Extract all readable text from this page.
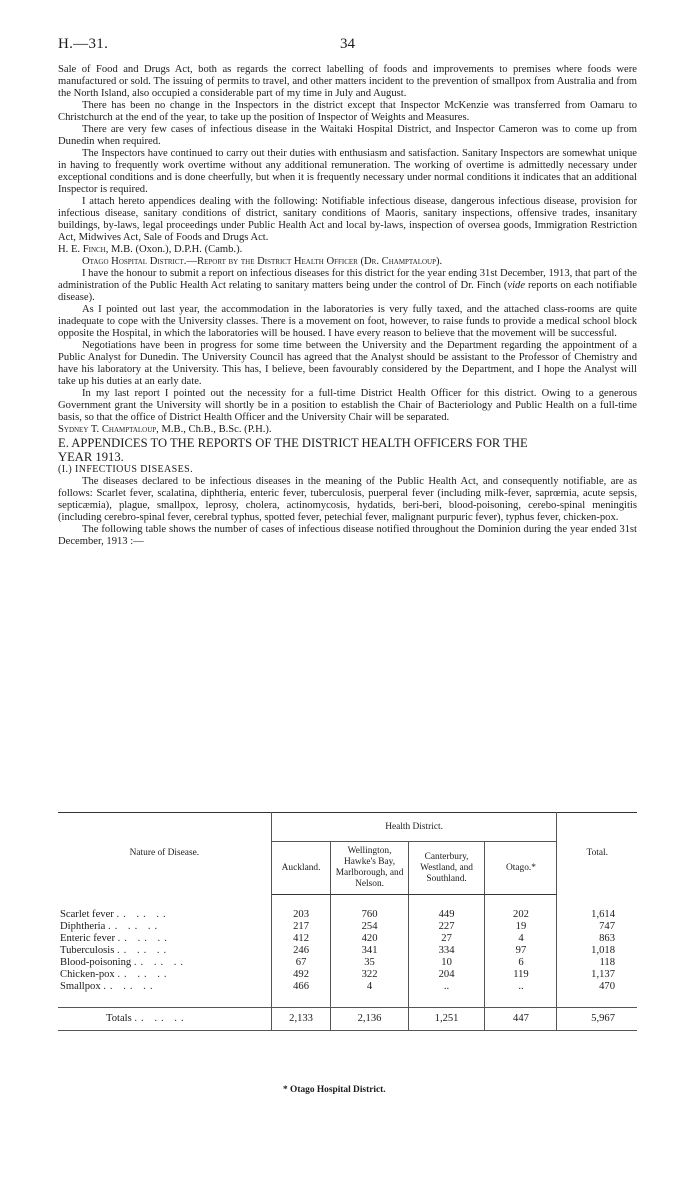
H.—31.	34

Sale of Food and Drugs Act, both as regards the correct labelling of foods and improvements to premises where foods were manufactured or sold. The issuing of permits to travel, and other matters incident to the prevention of smallpox from Australia and from the North Island, also occupied a considerable part of my time in July and August.

There has been no change in the Inspectors in the district except that Inspector McKenzie was transferred from Oamaru to Christchurch at the end of the year, to take up the position of Inspector of Weights and Measures.

There are very few cases of infectious disease in the Waitaki Hospital District, and Inspector Cameron was to come up from Dunedin when required.

The Inspectors have continued to carry out their duties with enthusiasm and satisfaction. Sanitary Inspectors are somewhat unique in having to frequently work overtime without any additional remuneration. The working of overtime is admittedly necessary under exceptional conditions and is done cheerfully, but when it is frequently necessary under normal conditions it indicates that an additional Inspector is required.

I attach hereto appendices dealing with the following: Notifiable infectious disease, dangerous infectious disease, provision for infectious disease, sanitary conditions of district, sanitary conditions of Maoris, sanitary inspections, offensive trades, insanitary buildings, by-laws, legal proceedings under Public Health Act and local by-laws, inspection of oversea goods, Immigration Restriction Act, Midwives Act, Sale of Foods and Drugs Act.

H. E. Finch, M.B. (Oxon.), D.P.H. (Camb.).

Otago Hospital District.—Report by the District Health Officer (Dr. Champtaloup).

I have the honour to submit a report on infectious diseases for this district for the year ending 31st December, 1913, that part of the administration of the Public Health Act relating to sanitary matters being under the control of Dr. Finch (vide reports on each notifiable disease).

As I pointed out last year, the accommodation in the laboratories is very fully taxed, and the attached class-rooms are quite inadequate to cope with the University classes. There is a movement on foot, however, to raise funds to provide a medical school block opposite the Hospital, in which the laboratories will be housed. I have every reason to believe that the movement will be successful.

Negotiations have been in progress for some time between the University and the Department regarding the appointment of a Public Analyst for Dunedin. The University Council has agreed that the Analyst should be assistant to the Professor of Chemistry and have his laboratory at the University. This has, I believe, been favourably considered by the Department, and I hope the Analyst will take up his duties at an early date.

In my last report I pointed out the necessity for a full-time District Health Officer for this district. Owing to a generous Government grant the University will shortly be in a position to establish the Chair of Bacteriology and Public Health on a full-time basis, so that the office of District Health Officer and the University Chair will be separated.

Sydney T. Champtaloup, M.B., Ch.B., B.Sc. (P.H.).

E. APPENDICES TO THE REPORTS OF THE DISTRICT HEALTH OFFICERS FOR THE
YEAR 1913.

(I.) INFECTIOUS DISEASES.

The diseases declared to be infectious diseases in the meaning of the Public Health Act, and consequently notifiable, are as follows: Scarlet fever, scalatina, diphtheria, enteric fever, tuberculosis, puerperal fever (including milk-fever, saprœmia, acute sepsis, septicæmia), plague, smallpox, leprosy, cholera, actinomycosis, hydatids, beri-beri, blood-poisoning, cerebo-spinal meningitis (including cerebro-spinal fever, cerebral typhus, spotted fever, petechial fever, malignant purpuric fever), typhus fever, chicken-pox.

The following table shows the number of cases of infectious disease notified throughout the Dominion during the year ended 31st December, 1913 :—

Nature of Disease.	Health District.				Total.
	Auckland.	Wellington, Hawke's Bay, Marlborough, and Nelson.	Canterbury, Westland, and Southland.	Otago.*	

Scarlet fever .. .. ..	203	760	449	202	1,614
Diphtheria .. .. ..	217	254	227	19	747
Enteric fever .. .. ..	412	420	27	4	863
Tuberculosis .. .. ..	246	341	334	97	1,018
Blood-poisoning .. .. ..	67	35	10	6	118
Chicken-pox .. .. ..	492	322	204	119	1,137
Smallpox .. .. ..	466	4	..	..	470

Totals .. .. ..	2,133	2,136	1,251	447	5,967
* Otago Hospital District.
